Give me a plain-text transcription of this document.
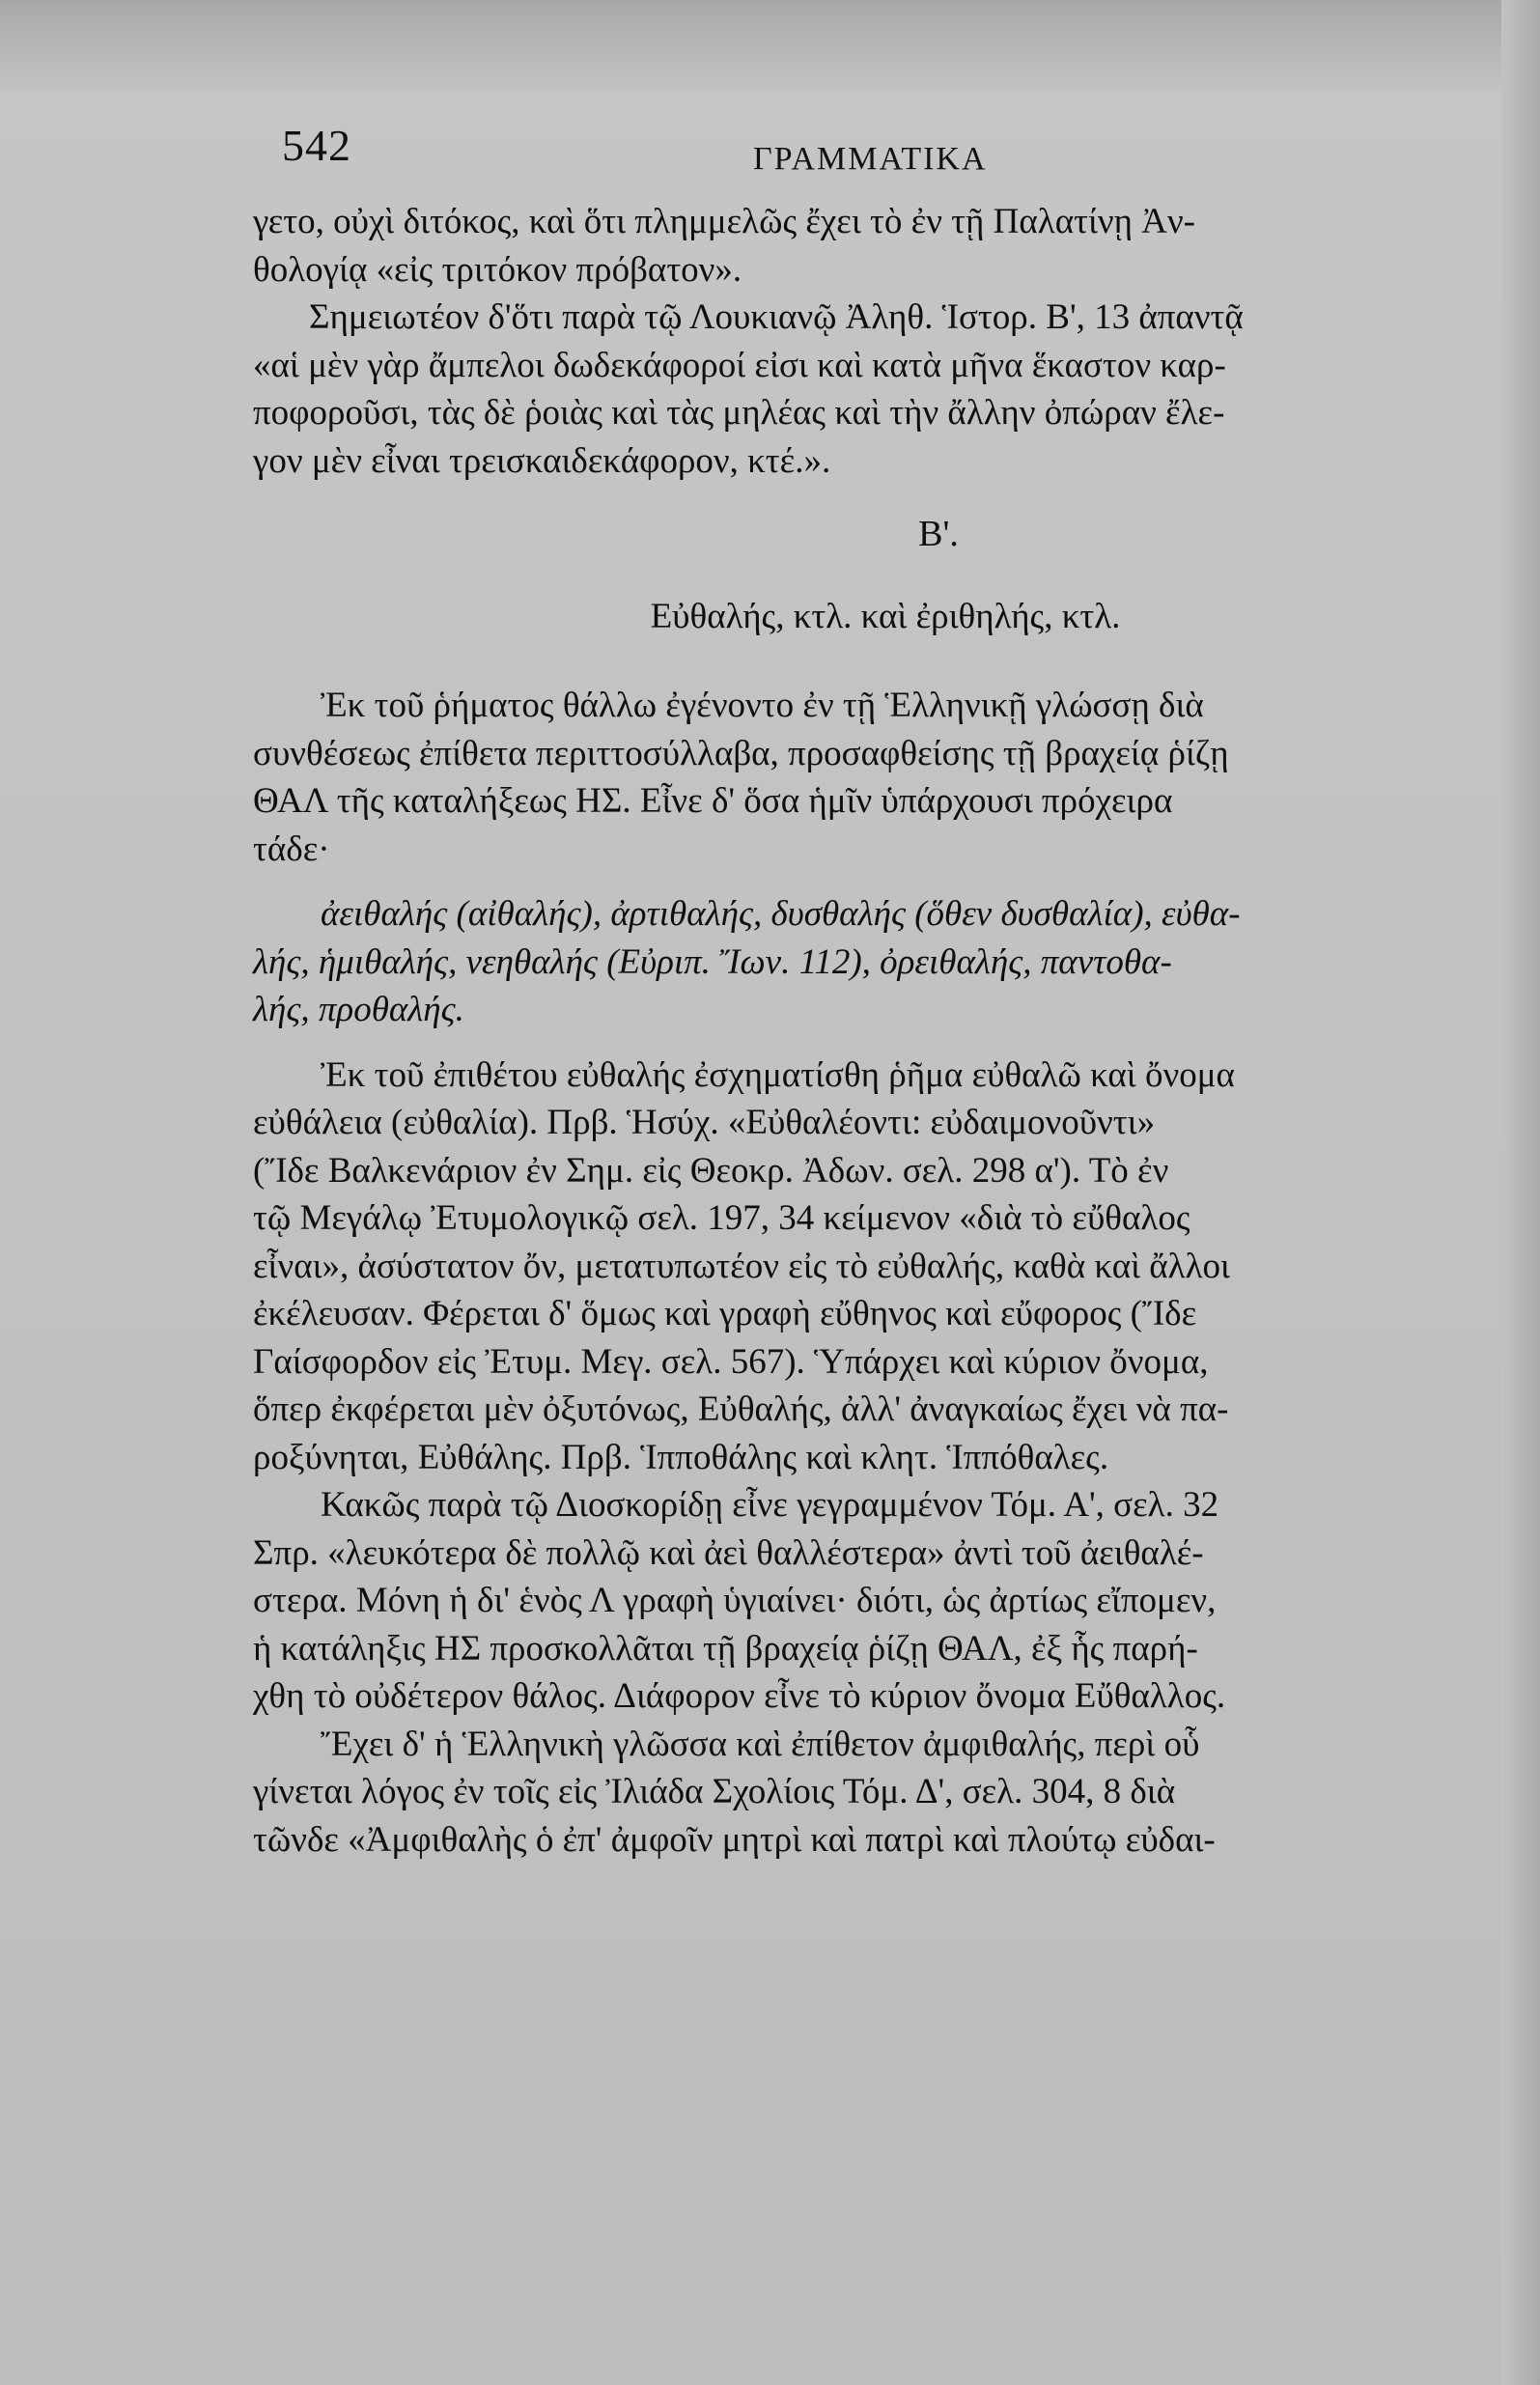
542	ΓΡΑΜΜΑΤΙΚΑ
γετο, οὐχὶ διτόκος, καὶ ὅτι πλημμελῶς ἔχει τὸ ἐν τῇ Παλατίνῃ Ἀν-
θολογίᾳ «εἰς τριτόκον πρόβατον».
Σημειωτέον δ'ὅτι παρὰ τῷ Λουκιανῷ Ἀληθ. Ἱστορ. Β', 13 ἀπαντᾷ
«αἱ μὲν γὰρ ἄμπελοι δωδεκάφοροί εἰσι καὶ κατὰ μῆνα ἕκαστον καρ-
ποφοροῦσι, τὰς δὲ ῥοιὰς καὶ τὰς μηλέας καὶ τὴν ἄλλην ὀπώραν ἔλε-
γον μὲν εἶναι τρεισκαιδεκάφορον, κτέ.».
Β'.
Εὐθαλής, κτλ. καὶ ἐριθηλής, κτλ.
Ἐκ τοῦ ῥήματος θάλλω ἐγένοντο ἐν τῇ Ἑλληνικῇ γλώσσῃ διὰ
συνθέσεως ἐπίθετα περιττοσύλλαβα, προσαφθείσης τῇ βραχείᾳ ῥίζῃ
ΘΑΛ τῆς καταλήξεως ΗΣ. Εἶνε δ' ὅσα ἡμῖν ὑπάρχουσι πρόχειρα
τάδε·
ἀειθαλής (αἰθαλής), ἀρτιθαλής, δυσθαλής (ὅθεν δυσθαλία), εὐθα-
λής, ἡμιθαλής, νεηθαλής (Εὐριπ. Ἴων. 112), ὀρειθαλής, παντοθα-
λής, προθαλής.
Ἐκ τοῦ ἐπιθέτου εὐθαλής ἐσχηματίσθη ῥῆμα εὐθαλῶ καὶ ὄνομα
εὐθάλεια (εὐθαλία). Πρβ. Ἡσύχ. «Εὐθαλέοντι: εὐδαιμονοῦντι»
(Ἴδε Βαλκενάριον ἐν Σημ. εἰς Θεοκρ. Ἀδων. σελ. 298 α'). Τὸ ἐν
τῷ Μεγάλῳ Ἐτυμολογικῷ σελ. 197, 34 κείμενον «διὰ τὸ εὔθαλος
εἶναι», ἀσύστατον ὄν, μετατυπωτέον εἰς τὸ εὐθαλής, καθὰ καὶ ἄλλοι
ἐκέλευσαν. Φέρεται δ' ὅμως καὶ γραφὴ εὔθηνος καὶ εὔφορος (Ἴδε
Γαίσφορδον εἰς Ἐτυμ. Μεγ. σελ. 567). Ὑπάρχει καὶ κύριον ὄνομα,
ὅπερ ἐκφέρεται μὲν ὀξυτόνως, Εὐθαλής, ἀλλ' ἀναγκαίως ἔχει νὰ πα-
ροξύνηται, Εὐθάλης. Πρβ. Ἱπποθάλης καὶ κλητ. Ἱππόθαλες.
Κακῶς παρὰ τῷ Διοσκορίδῃ εἶνε γεγραμμένον Τόμ. Α', σελ. 32
Σπρ. «λευκότερα δὲ πολλῷ καὶ ἀεὶ θαλλέστερα» ἀντὶ τοῦ ἀειθαλέ-
στερα. Μόνη ἡ δι' ἑνὸς Λ γραφὴ ὑγιαίνει· διότι, ὡς ἀρτίως εἴπομεν,
ἡ κατάληξις ΗΣ προσκολλᾶται τῇ βραχείᾳ ῥίζῃ ΘΑΛ, ἐξ ἧς παρή-
χθη τὸ οὐδέτερον θάλος. Διάφορον εἶνε τὸ κύριον ὄνομα Εὔθαλλος.
Ἔχει δ' ἡ Ἑλληνικὴ γλῶσσα καὶ ἐπίθετον ἀμφιθαλής, περὶ οὗ
γίνεται λόγος ἐν τοῖς εἰς Ἰλιάδα Σχολίοις Τόμ. Δ', σελ. 304, 8 διὰ
τῶνδε «Ἀμφιθαλὴς ὁ ἐπ' ἀμφοῖν μητρὶ καὶ πατρὶ καὶ πλούτῳ εὐδαι-
